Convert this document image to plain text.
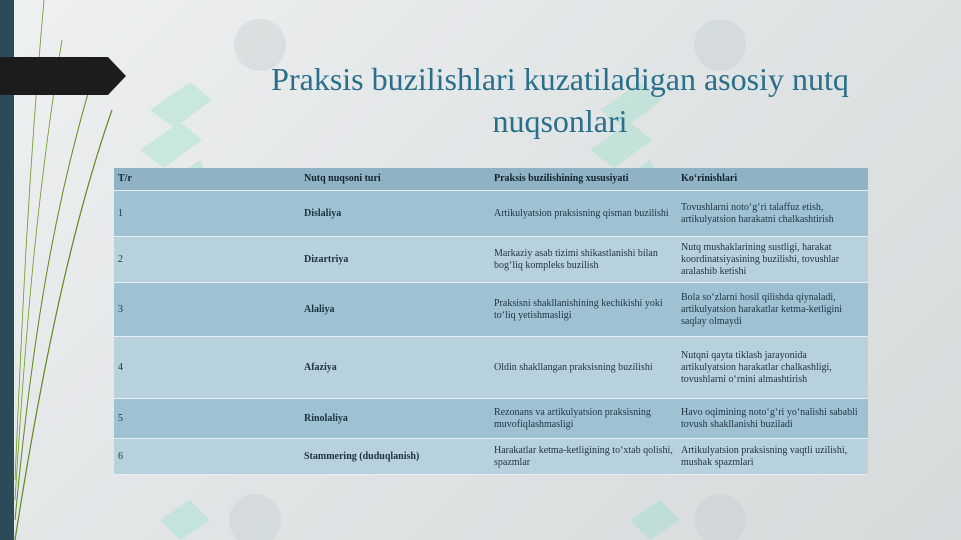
Praksis buzilishlari kuzatiladigan asosiy nutq nuqsonlari
T/r	Nutq nuqsoni turi	Praksis buzilishining xususiyati	Ko‘rinishlari
1	Dislaliya	Artikulyatsion praksisning qisman buzilishi	Tovushlarni noto‘g‘ri talaffuz etish, artikulyatsion harakatni chalkashtirish
2	Dizartriya	Markaziy asab tizimi shikastlanishi bilan bog‘liq kompleks buzilish	Nutq mushaklarining sustligi, harakat koordinatsiyasining buzilishi, tovushlar aralashib ketishi
3	Alaliya	Praksisni shakllanishining kechikishi yoki to‘liq yetishmasligi	Bola so‘zlarni hosil qilishda qiynaladi, artikulyatsion harakatlar ketma-ketligini saqlay olmaydi
4	Afaziya	Oldin shakllangan praksisning buzilishi	Nutqni qayta tiklash jarayonida artikulyatsion harakatlar chalkashligi, tovushlarni o‘rnini almashtirish
5	Rinolaliya	Rezonans va artikulyatsion praksisning muvofiqlashmasligi	Havo oqimining noto‘g‘ri yo‘nalishi sababli tovush shakllanishi buziladi
6	Stammering (duduqlanish)	Harakatlar ketma-ketligining to‘xtab qolishi, spazmlar	Artikulyatsion praksisning vaqtli uzilishi, mushak spazmlari
